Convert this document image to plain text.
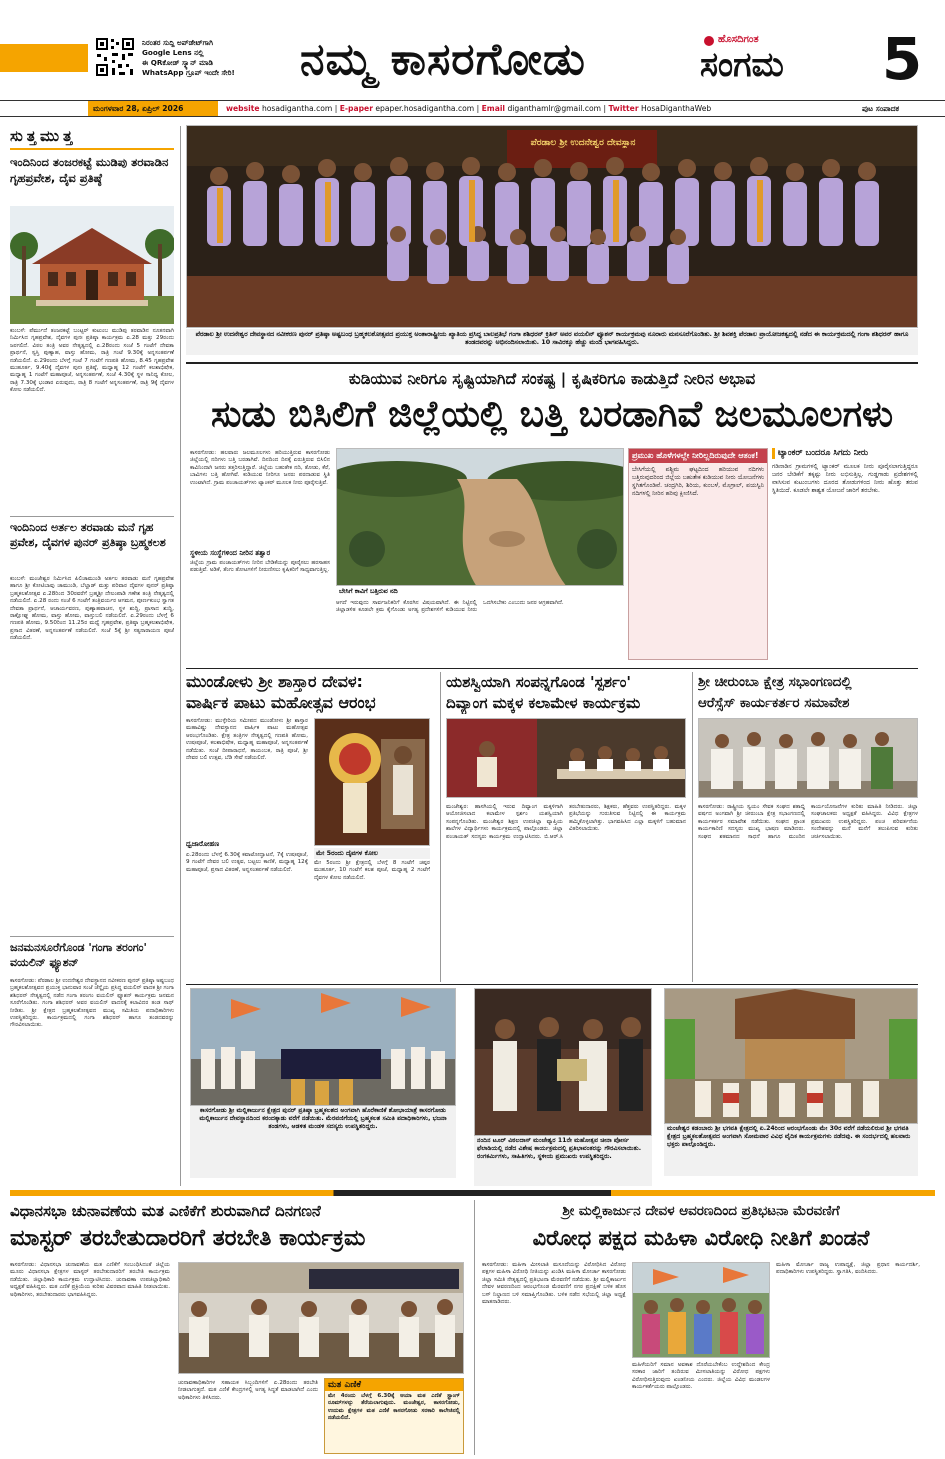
ನಿರಂತರ ಸುದ್ದಿ ಅಪ್‌ಡೇಟ್‌ಗಾಗಿ
Google Lens ನಲ್ಲಿ
ಈ QRಕೋಡ್ ಸ್ಕ್ಯಾನ್ ಮಾಡಿ
WhatsApp ಗ್ರೂಪ್ ಇಂದೇ ಸೇರಿ!	ನಮ್ಮ ಕಾಸರಗೋಡು	ಹೊಸದಿಗಂತ
ಸಂಗಮ 5
ಮಂಗಳವಾರ 28, ಏಪ್ರಿಲ್ 2026	website hosadigantha.com | E-paper epaper.hosadigantha.com | Email diganthamlr@gmail.com | Twitter HosaDiganthaWeb	ಪುಟ ಸಂಪಾದಕ
ಸುತ್ತಮುತ್ತ
ಇಂದಿನಿಂದ ತಂಜರಕಟ್ಟೆ ಮುಡಿಪು ತರವಾಡಿನ ಗೃಹಪ್ರವೇಶ, ದೈವ ಪ್ರತಿಷ್ಠೆ
ಕುಂಬಳೆ: ಪೆರ್ಮುದೆ ತಂಜರಕಟ್ಟೆ ಬಂಟ್ಟರ್ ಕುಟುಂಬ ಮುಡಿಪು ತರವಾಡಿನ ನೂತನವಾಗಿ ನಿರ್ಮಿಸಿದ ಗೃಹಪ್ರವೇಶ, ದೈವಗಳ ಪುನಃ ಪ್ರತಿಷ್ಠಾ ಕಾರ್ಯಕ್ರಮ ಏ.28 ಮತ್ತು 29ರಂದು ಜರಗಲಿದೆ. ವಿಠಲ ತಂತ್ರಿ ಅವರ ನೇತೃತ್ವದಲ್ಲಿ ಏ.28ರಂದು ಸಂಜೆ 5 ಗಂಟೆಗೆ ದೇವತಾ ಪ್ರಾರ್ಥನೆ, ಸ್ವಸ್ತಿ ಪುಣ್ಯಾಹ, ವಾಸ್ತು ಹೋಮ, ರಾತ್ರಿ ಗಂಟೆ 9.30ಕ್ಕೆ ಅನ್ನಸಂತರ್ಪಣೆ ನಡೆಯಲಿದೆ. ಏ.29ರಂದು ಬೆಳಗ್ಗೆ ಗಂಟೆ 7 ಗಂಟೆಗೆ ಗಣಪತಿ ಹೋಮ, 8.45 ಗೃಹಪ್ರವೇಶ ಮುಹೂರ್ತ, 9.40ಕ್ಕೆ ದೈವಗಳ ಪುನಃ ಪ್ರತಿಷ್ಠೆ, ಮಧ್ಯಾಹ್ನ 12 ಗಂಟೆಗೆ ಕಲಶಾಭಿಷೇಕ, ಮಧ್ಯಾಹ್ನ 1 ಗಂಟೆಗೆ ಮಹಾಪೂಜೆ, ಅನ್ನಸಂತರ್ಪಣೆ, ಸಂಜೆ 4.30ಕ್ಕೆ ಸ್ಥಳ ಸಾನಿಧ್ಯ ಕೋಲ, ರಾತ್ರಿ 7.30ಕ್ಕೆ ಭಂಡಾರ ಏರುವುದು, ರಾತ್ರಿ 8 ಗಂಟೆಗೆ ಅನ್ನಸಂತರ್ಪಣೆ, ರಾತ್ರಿ 9ಕ್ಕೆ ದೈವಗಳ ಕೋಲ ನಡೆಯಲಿದೆ.
ಇಂದಿನಿಂದ ಅರ್ತಲ ತರವಾಡು ಮನೆ ಗೃಹ ಪ್ರವೇಶ, ದೈವಗಳ ಪುನರ್ ಪ್ರತಿಷ್ಠಾ ಬ್ರಹ್ಮಕಲಶ
ಕುಂಬಳೆ: ಮಂಜೇಶ್ವರ ನಿರ್ಮಿಸಿದ ಪಿಲಿಚಾಮುಂಡಿ ಅರ್ತಲ ತರವಾಡು ಮನೆ ಗೃಹಪ್ರವೇಶ ಹಾಗೂ ಶ್ರೀ ಕೋಟಿಬಾವು ಚಾಮುಂಡಿ, ಬೆಲ್ಚಾಡ್ ಮತ್ತು ಪರಿವಾರ ದೈವಗಳ ಪುನರ್ ಪ್ರತಿಷ್ಠಾ ಬ್ರಹ್ಮಕಲಶೋತ್ಸವ ಏ.28ರಿಂದ 30ರವರೆಗೆ ಬ್ರಹ್ಮಶ್ರೀ ದೇಲಂಪಾಡಿ ಗಣೇಶ ತಂತ್ರಿ ನೇತೃತ್ವದಲ್ಲಿ ನಡೆಯಲಿದೆ. ಏ.28 ರಂದು ಸಂಜೆ 6 ಗಂಟೆಗೆ ತಂತ್ರಿವರ್ಯರ ಆಗಮನ, ಪೂರ್ಣಕುಂಭ ಸ್ವಾಗತ ದೇವತಾ ಪ್ರಾರ್ಥನೆ, ಆಚಾರ್ಯವರಣ, ಪುಣ್ಯಾಹವಾಚನ, ಸ್ಥಳ ಶುದ್ಧಿ, ಪ್ರಾಸಾದ ಶುದ್ಧಿ, ರಾಕ್ಷೋಘ್ನ ಹೋಮ, ವಾಸ್ತು ಹೋಮ, ವಾಸ್ತುಬಲಿ ನಡೆಯಲಿದೆ. ಏ.29ರಂದು ಬೆಳಗ್ಗೆ 6 ಗಣಪತಿ ಹೋಮ, 9.50ರಿಂದ 11.25ರ ಮಧ್ಯೆ ಗೃಹಪ್ರವೇಶ, ಪ್ರತಿಷ್ಠಾ ಬ್ರಹ್ಮಕಲಶಾಭಿಷೇಕ, ಪ್ರಸಾದ ವಿತರಣೆ, ಅನ್ನಸಂತರ್ಪಣೆ ನಡೆಯಲಿದೆ. ಸಂಜೆ 5ಕ್ಕೆ ಶ್ರೀ ಸತ್ಯನಾರಾಯಣ ಪೂಜೆ ನಡೆಯಲಿದೆ.
ಜನಮನಸೂರೆಗೊಂಡ 'ಗಂಗಾ ತರಂಗಂ' ವಯಲಿನ್ ಫ್ಯೂಶನ್
ಕಾಸರಗೋಡು: ಪೆರಡಾಲ ಶ್ರೀ ಉದನೇಶ್ವರ ದೇವಸ್ಥಾನದ ನವೀಕರಣ ಪುನರ್ ಪ್ರತಿಷ್ಠಾ ಅಷ್ಟಬಂಧ ಬ್ರಹ್ಮಕಲಶೋತ್ಸವದ ಪ್ರಯುಕ್ತ ಭಾನುವಾರ ಸಂಜೆ ಚೆನ್ನೈಯ ಪ್ರಸಿದ್ಧ ವಯಲಿನ್ ವಾದಕ ಶ್ರೀ ಗಂಗಾ ಶಶಿಧರನ್ ನೇತೃತ್ವದಲ್ಲಿ ನಡೆದ ಗಂಗಾ ತರಂಗಂ ವಯಲಿನ್ ಫ್ಯೂಶನ್ ಕಾರ್ಯಕ್ರಮ ಜನಮನ ಸೂರೆಗೊಂಡಿತು. ಗಂಗಾ ಶಶಿಧರನ್ ಅವರ ವಯಲಿನ್ ವಾದನಕ್ಕೆ ಕಲಾವಿದರ ತಂಡ ಸಾಥ್ ನೀಡಿತು. ಶ್ರೀ ಕ್ಷೇತ್ರದ ಬ್ರಹ್ಮಕಲಶೋತ್ಸವದ ಮುಖ್ಯ ಸಮಿತಿಯ ಪದಾಧಿಕಾರಿಗಳು ಉಪಸ್ಥಿತರಿದ್ದರು. ಕಾರ್ಯಕ್ರಮದಲ್ಲಿ ಗಂಗಾ ಶಶಿಧರನ್ ಹಾಗೂ ತಂಡದವರನ್ನು ಗೌರವಿಸಲಾಯಿತು.
ಪೆರಡಾಲ ಶ್ರೀ ಉದನೇಶ್ವರ ದೇವಸ್ಥಾನ
ಪೆರಡಾಲ ಶ್ರೀ ಉದನೇಶ್ವರ ದೇವಸ್ಥಾನದ ನವೀಕರಣ ಪುನರ್ ಪ್ರತಿಷ್ಠಾ ಅಷ್ಟಬಂಧ ಬ್ರಹ್ಮಕಲಶೋತ್ಸವದ ಪ್ರಯುಕ್ತ ಅಂತಾರಾಷ್ಟ್ರೀಯ ಖ್ಯಾತಿಯ ಪ್ರಸಿದ್ಧ ಬಾಲಪ್ರತಿಭೆ ಗಂಗಾ ಶಶಿಧರನ್ ಕ್ರಿತಿನ್ ಅವರ ವಯಲಿನ್ ಫ್ಯೂಶನ್ ಕಾರ್ಯಕ್ರಮವು ನೂರಾರು ಮನಸೂರೆಗೊಂಡಿತು. ಶ್ರೀ ಶಿವಶಕ್ತಿ ಪೆರಡಾಲ ಪ್ರಾಯೋಜಕತ್ವದಲ್ಲಿ ನಡೆದ ಈ ಕಾರ್ಯಕ್ರಮದಲ್ಲಿ ಗಂಗಾ ಶಶಿಧರನ್ ಹಾಗೂ ತಂಡದವರನ್ನು ಅಭಿನಂದಿಸಲಾಯಿತು. 10 ಸಾವಿರಕ್ಕೂ ಹೆಚ್ಚು ಮಂದಿ ಭಾಗವಹಿಸಿದ್ದರು.
ಕುಡಿಯುವ ನೀರಿಗೂ ಸೃಷ್ಟಿಯಾಗಿದೆ ಸಂಕಷ್ಟ | ಕೃಷಿಕರಿಗೂ ಕಾಡುತ್ತಿದೆ ನೀರಿನ ಅಭಾವ
ಸುಡು ಬಿಸಿಲಿಗೆ ಜಿಲ್ಲೆಯಲ್ಲಿ ಬತ್ತಿ ಬರಡಾಗಿವೆ ಜಲಮೂಲಗಳು
ಕಾಸರಗೋಡು: ಹಲವಾರು ಜಲಮೂಲಗಳು ಹರಿಯುತ್ತಿರುವ ಕಾಸರಗೋಡು ಜಿಲ್ಲೆಯಲ್ಲಿ ನದಿಗಳು ಬತ್ತಿ ಬರಡಾಗಿವೆ. ದಿನದಿಂದ ದಿನಕ್ಕೆ ಏರುತ್ತಿರುವ ಬಿಸಿಲಿನ ಕಾವಿನಿಂದಾಗಿ ಜನರು ತತ್ತರಿಸುತ್ತಿದ್ದಾರೆ. ಜಿಲ್ಲೆಯ ಬಹುತೇಕ ನದಿ, ತೋಡು, ಕೆರೆ, ಬಾವಿಗಳು ಬತ್ತಿ ಹೋಗಿವೆ. ಕುಡಿಯುವ ನೀರಿಗೂ ಜನರು ಪರದಾಡುವ ಸ್ಥಿತಿ ಉಂಟಾಗಿದೆ. ಗ್ರಾಮ ಪಂಚಾಯತ್‌ಗಳು ಟ್ಯಾಂಕರ್ ಮೂಲಕ ನೀರು ಪೂರೈಸುತ್ತಿವೆ.
ಸ್ಥಳೀಯ ಸಂಸ್ಥೆಗಳಿಂದ ನೀರಿನ ತತ್ವಾರ
ಜಿಲ್ಲೆಯ ಗ್ರಾಮ ಪಂಚಾಯತ್‌ಗಳು ನೀರಿನ ಬೇಡಿಕೆಯನ್ನು ಪೂರೈಸಲು ಹರಸಾಹಸ ಪಡುತ್ತಿವೆ. ಅಡಿಕೆ, ತೆಂಗು ತೋಟಗಳಿಗೆ ನೀರುಣಿಸಲು ಕೃಷಿಕರಿಗೆ ಸಾಧ್ಯವಾಗುತ್ತಿಲ್ಲ.
ಬೇಸಿಗೆ ಕಾವಿಗೆ ಬತ್ತಿರುವ ನದಿ
ಆಗದೆ ಇರುವುದು ಸಾರ್ವಜನಿಕರಿಗೆ ಕೊರಗಿನ ವಿಷಯವಾಗಿದೆ. ಈ ನಿಟ್ಟಿನಲ್ಲಿ ಜಿಲ್ಲಾಡಳಿತ ಕೂಡಲೇ ಕ್ರಮ ಕೈಗೊಂಡು ಅಗತ್ಯ ಪ್ರದೇಶಗಳಿಗೆ ಕುಡಿಯುವ ನೀರು ಒದಗಿಸಬೇಕು ಎಂಬುದು ಜನರ ಆಗ್ರಹವಾಗಿದೆ.
ಪ್ರಮುಖ ಹೊಳೆಗಳಲ್ಲೇ ನೀರಿಲ್ಲದಿರುವುದೇ ಆತಂಕ!
ಬೇಸಿಗೆಯಲ್ಲಿ ಪಶ್ಚಿಮ ಘಟ್ಟದಿಂದ ಹರಿಯುವ ನದಿಗಳು ಬತ್ತಿರುವುದರಿಂದ ಜಿಲ್ಲೆಯ ಬಹುತೇಕ ಕುಡಿಯುವ ನೀರು ಯೋಜನೆಗಳು ಸ್ಥಗಿತಗೊಂಡಿವೆ. ಚಂದ್ರಗಿರಿ, ಶಿರಿಯ, ಕುಂಬಳೆ, ಮೊಗ್ರಾಲ್, ಪಯಸ್ವಿನಿ ನದಿಗಳಲ್ಲಿ ನೀರಿನ ಹರಿವು ಕ್ಷೀಣಿಸಿದೆ.
ಟ್ಯಾಂಕರ್ ಬಂದರೂ ಸಿಗದು ನೀರು
ಗಡಿನಾಡಿನ ಗ್ರಾಮಗಳಲ್ಲಿ ಟ್ಯಾಂಕರ್ ಮೂಲಕ ನೀರು ಪೂರೈಸಲಾಗುತ್ತಿದ್ದರೂ ಜನರ ಬೇಡಿಕೆಗೆ ತಕ್ಕಷ್ಟು ನೀರು ಲಭಿಸುತ್ತಿಲ್ಲ. ಗುಡ್ಡಗಾಡು ಪ್ರದೇಶಗಳಲ್ಲಿ ವಾಸಿಸುವ ಕುಟುಂಬಗಳು ದೂರದ ತೋಡುಗಳಿಂದ ನೀರು ಹೊತ್ತು ತರುವ ಸ್ಥಿತಿಯಿದೆ. ಕೂಡಲೇ ಶಾಶ್ವತ ಯೋಜನೆ ಜಾರಿಗೆ ತರಬೇಕು.
ಮುಂಡೋಳು ಶ್ರೀ ಶಾಸ್ತಾರ ದೇವಳ:
ವಾರ್ಷಿಕ ಪಾಟು ಮಹೋತ್ಸವ ಆರಂಭ
ಕಾಸರಗೋಡು: ಮುಳ್ಳೇರಿಯ ಸಮೀಪದ ಮುಂಡೋಳು ಶ್ರೀ ಶಾಸ್ತಾರ ಮಹಾವಿಷ್ಣು ದೇವಸ್ಥಾನದ ವಾರ್ಷಿಕ ಪಾಟು ಮಹೋತ್ಸವ ಆರಂಭಗೊಂಡಿತು. ಕ್ಷೇತ್ರ ತಂತ್ರಿಗಳ ನೇತೃತ್ವದಲ್ಲಿ ಗಣಪತಿ ಹೋಮ, ಉಷಃಪೂಜೆ, ಕಲಶಾಭಿಷೇಕ, ಮಧ್ಯಾಹ್ನ ಮಹಾಪೂಜೆ, ಅನ್ನಸಂತರ್ಪಣೆ ನಡೆಯಿತು. ಸಂಜೆ ದೀಪಾರಾಧನೆ, ತಾಯಂಬಕ, ರಾತ್ರಿ ಪೂಜೆ, ಶ್ರೀ ದೇವರ ಬಲಿ ಉತ್ಸವ, ಬೆಡಿ ಸೇವೆ ನಡೆಯಲಿದೆ.
ಏ.28ರಂದು ಬೆಳಗ್ಗೆ 6.30ಕ್ಕೆ ಕವಾಟೋದ್ಘಾಟನೆ, 7ಕ್ಕೆ ಉಷಃಪೂಜೆ, 9 ಗಂಟೆಗೆ ದೇವರ ಬಲಿ ಉತ್ಸವ, ಬಟ್ಟಲು ಕಾಣಿಕೆ, ಮಧ್ಯಾಹ್ನ 12ಕ್ಕೆ ಮಹಾಪೂಜೆ, ಪ್ರಸಾದ ವಿತರಣೆ, ಅನ್ನಸಂತರ್ಪಣೆ ನಡೆಯಲಿದೆ.
ಧ್ವಜಾರೋಹಣ
ಮೇ 5ರಂದು ದೈವಗಳ ಕೋಲ
ಮೇ 5ರಂದು ಶ್ರೀ ಕ್ಷೇತ್ರದಲ್ಲಿ ಬೆಳಗ್ಗೆ 8 ಗಂಟೆಗೆ ಚಪ್ಪರ ಮುಹೂರ್ತ, 10 ಗಂಟೆಗೆ ಕಲಶ ಪೂಜೆ, ಮಧ್ಯಾಹ್ನ 2 ಗಂಟೆಗೆ ದೈವಗಳ ಕೋಲ ನಡೆಯಲಿದೆ.
ಯಶಸ್ವಿಯಾಗಿ ಸಂಪನ್ನಗೊಂಡ 'ಸ್ಪರ್ಶಂ'
ದಿವ್ಯಾಂಗ ಮಕ್ಕಳ ಕಲಾಮೇಳ ಕಾರ್ಯಕ್ರಮ
ಮಂಜೇಶ್ವರ: ಹಾಸಗಿಯಲ್ಲಿ ಇರುವ ದಿವ್ಯಾಂಗ ಮಕ್ಕಳಿಗಾಗಿ ಆಯೋಜಿಸಲಾದ ಕಲಾಮೇಳ ಸ್ಪರ್ಶಂ ಯಶಸ್ವಿಯಾಗಿ ಸಂಪನ್ನಗೊಂಡಿತು. ಮಂಜೇಶ್ವರ ಶಿಕ್ಷಣ ಉಪಜಿಲ್ಲಾ ವ್ಯಾಪ್ತಿಯ ಶಾಲೆಗಳ ವಿದ್ಯಾರ್ಥಿಗಳು ಕಾರ್ಯಕ್ರಮದಲ್ಲಿ ಪಾಲ್ಗೊಂಡರು. ಜಿಲ್ಲಾ ಪಂಚಾಯತ್ ಸದಸ್ಯರು ಕಾರ್ಯಕ್ರಮ ಉದ್ಘಾಟಿಸಿದರು. ಬಿ.ಆರ್.ಸಿ ತರಬೇತುದಾರರು, ಶಿಕ್ಷಕರು, ಹೆತ್ತವರು ಉಪಸ್ಥಿತರಿದ್ದರು. ಮಕ್ಕಳ ಪ್ರತಿಭೆಯನ್ನು ಗುರುತಿಸುವ ನಿಟ್ಟಿನಲ್ಲಿ ಈ ಕಾರ್ಯಕ್ರಮ ಹಮ್ಮಿಕೊಳ್ಳಲಾಗಿತ್ತು. ಭಾಗವಹಿಸಿದ ಎಲ್ಲಾ ಮಕ್ಕಳಿಗೆ ಬಹುಮಾನ ವಿತರಿಸಲಾಯಿತು.
ಶ್ರೀ ಚೀರುಂಬಾ ಕ್ಷೇತ್ರ ಸಭಾಂಗಣದಲ್ಲಿ
ಆರೆಸ್ಸೆಸ್ ಕಾರ್ಯಕರ್ತರ ಸಮಾವೇಶ
ಕಾಸರಗೋಡು: ರಾಷ್ಟ್ರೀಯ ಸ್ವಯಂ ಸೇವಕ ಸಂಘದ ಶತಾಬ್ದಿ ವರ್ಷದ ಅಂಗವಾಗಿ ಶ್ರೀ ಚೀರುಂಬಾ ಕ್ಷೇತ್ರ ಸಭಾಂಗಣದಲ್ಲಿ ಕಾರ್ಯಕರ್ತರ ಸಮಾವೇಶ ನಡೆಯಿತು. ಸಂಘದ ಪ್ರಾಂತ ಕಾರ್ಯಕಾರಿಣಿ ಸದಸ್ಯರು ಮುಖ್ಯ ಭಾಷಣ ಮಾಡಿದರು. ಸಂಘದ ಶತಮಾನದ ಸಾಧನೆ ಹಾಗೂ ಮುಂದಿನ ಕಾರ್ಯಯೋಜನೆಗಳ ಕುರಿತು ಮಾಹಿತಿ ನೀಡಿದರು. ಜಿಲ್ಲಾ ಸಂಘಚಾಲಕರು ಅಧ್ಯಕ್ಷತೆ ವಹಿಸಿದ್ದರು. ವಿವಿಧ ಕ್ಷೇತ್ರಗಳ ಪ್ರಮುಖರು ಉಪಸ್ಥಿತರಿದ್ದರು. ಪಂಚ ಪರಿವರ್ತನೆಯ ಸಂದೇಶವನ್ನು ಮನೆ ಮನೆಗೆ ತಲುಪಿಸುವ ಕುರಿತು ಚರ್ಚಿಸಲಾಯಿತು.
ಕಾಸರಗೋಡು ಶ್ರೀ ಮಲ್ಲಿಕಾರ್ಜುನ ಕ್ಷೇತ್ರದ ಪುನರ್ ಪ್ರತಿಷ್ಠಾ ಬ್ರಹ್ಮಕಲಶದ ಅಂಗವಾಗಿ ಹೊರೆಕಾಣಿಕೆ ಶೋಭಾಯಾತ್ರೆ ಕಾಸರಗೋಡು ಮಲ್ಲಿಕಾರ್ಜುನ ದೇವಸ್ಥಾನದಿಂದ ಕರಂದಕ್ಕಾಡು ವರೆಗೆ ನಡೆಯಿತು. ಮೆರವಣಿಗೆಯಲ್ಲಿ ಬ್ರಹ್ಮಕಲಶ ಸಮಿತಿ ಪದಾಧಿಕಾರಿಗಳು, ಭಜನಾ ತಂಡಗಳು, ಆಡಳಿತ ಮಂಡಳಿ ಸದಸ್ಯರು ಉಪಸ್ಥಿತರಿದ್ದರು.
ನಂದಿನ ಟೂರ್ ವಿಠಲದಾಸ್ ಮಂಜೇಶ್ವರ 11ನೇ ಮಹೋತ್ಸವ ಚೀನಾ ಪೋರ್ಸ ಫೆಲಾಡಿಯಲ್ಲಿ ನಡೆದ ವಿಶೇಷ ಕಾರ್ಯಕ್ರಮದಲ್ಲಿ ಪ್ರತಿಭಾವಂತರನ್ನು ಗೌರವಿಸಲಾಯಿತು. ರಂಗಕರ್ಮಿಗಳು, ಸಾಹಿತಿಗಳು, ಸ್ಥಳೀಯ ಪ್ರಮುಖರು ಉಪಸ್ಥಿತರಿದ್ದರು.
ಮಂಜೇಶ್ವರ ಕಡಂಬಾರು ಶ್ರೀ ಭಗವತಿ ಕ್ಷೇತ್ರದಲ್ಲಿ ಏ.24ರಿಂದ ಆರಂಭಗೊಂಡು ಮೇ 30ರ ವರೆಗೆ ನಡೆಯಲಿರುವ ಶ್ರೀ ಭಗವತಿ ಕ್ಷೇತ್ರದ ಬ್ರಹ್ಮಕಲಶೋತ್ಸವದ ಅಂಗವಾಗಿ ಸೋಮವಾರ ವಿವಿಧ ವೈದಿಕ ಕಾರ್ಯಕ್ರಮಗಳು ನಡೆದವು. ಈ ಸಂದರ್ಭದಲ್ಲಿ ಹಲವಾರು ಭಕ್ತರು ಪಾಲ್ಗೊಂಡಿದ್ದರು.
ವಿಧಾನಸಭಾ ಚುನಾವಣೆಯ ಮತ ಎಣಿಕೆಗೆ ಶುರುವಾಗಿದೆ ದಿನಗಣನೆ
ಮಾಸ್ಟರ್ ತರಬೇತುದಾರರಿಗೆ ತರಬೇತಿ ಕಾರ್ಯಕ್ರಮ
ಕಾಸರಗೋಡು: ವಿಧಾನಸಭಾ ಚುನಾವಣೆಯ ಮತ ಎಣಿಕೆಗೆ ಸಂಬಂಧಿಸಿದಂತೆ ಜಿಲ್ಲೆಯ ಮೂರು ವಿಧಾನಸಭಾ ಕ್ಷೇತ್ರಗಳ ಮಾಸ್ಟರ್ ತರಬೇತುದಾರರಿಗೆ ತರಬೇತಿ ಕಾರ್ಯಕ್ರಮ ನಡೆಯಿತು. ಜಿಲ್ಲಾಧಿಕಾರಿ ಕಾರ್ಯಕ್ರಮ ಉದ್ಘಾಟಿಸಿದರು. ಚುನಾವಣಾ ಉಪಜಿಲ್ಲಾಧಿಕಾರಿ ಅಧ್ಯಕ್ಷತೆ ವಹಿಸಿದ್ದರು. ಮತ ಎಣಿಕೆ ಪ್ರಕ್ರಿಯೆಯ ಕುರಿತು ವಿವರವಾದ ಮಾಹಿತಿ ನೀಡಲಾಯಿತು. ಅಧಿಕಾರಿಗಳು, ತರಬೇತುದಾರರು ಭಾಗವಹಿಸಿದ್ದರು.
ಚುನಾವಣಾಧಿಕಾರಿಗಳ ಸಹಾಯಕ ಸಿಬ್ಬಂದಿಗಳಿಗೆ ಏ.28ರಂದು ತರಬೇತಿ ನೀಡಲಾಗುತ್ತದೆ. ಮತ ಎಣಿಕೆ ಕೇಂದ್ರಗಳಲ್ಲಿ ಅಗತ್ಯ ಸಿದ್ಧತೆ ಮಾಡಲಾಗಿದೆ ಎಂದು ಅಧಿಕಾರಿಗಳು ತಿಳಿಸಿದರು.
ಮತ ಎಣಿಕೆ
ಮೇ 4ರಂದು ಬೆಳಗ್ಗೆ 6.30ಕ್ಕೆ ಆಯಾ ಮತ ಎಣಿಕೆ ಸ್ಟ್ರಾಂಗ್ ರೂಮ್‌ಗಳನ್ನು ತೆರೆಯಲಾಗುವುದು. ಮಂಜೇಶ್ವರ, ಕಾಸರಗೋಡು, ಉದುಮ ಕ್ಷೇತ್ರಗಳ ಮತ ಎಣಿಕೆ ಕಾಸರಗೋಡು ಸರಕಾರಿ ಕಾಲೇಜಿನಲ್ಲಿ ನಡೆಯಲಿದೆ.
ಶ್ರೀ ಮಲ್ಲಿಕಾರ್ಜುನ ದೇವಳ ಆವರಣದಿಂದ ಪ್ರತಿಭಟನಾ ಮೆರವಣಿಗೆ
ವಿರೋಧ ಪಕ್ಷದ ಮಹಿಳಾ ವಿರೋಧಿ ನೀತಿಗೆ ಖಂಡನೆ
ಕಾಸರಗೋಡು: ಮಹಿಳಾ ಮೀಸಲಾತಿ ಮಸೂದೆಯನ್ನು ವಿರೋಧಿಸಿದ ವಿರೋಧ ಪಕ್ಷಗಳ ಮಹಿಳಾ ವಿರೋಧಿ ನೀತಿಯನ್ನು ಖಂಡಿಸಿ ಮಹಿಳಾ ಮೋರ್ಚಾ ಕಾಸರಗೋಡು ಜಿಲ್ಲಾ ಸಮಿತಿ ನೇತೃತ್ವದಲ್ಲಿ ಪ್ರತಿಭಟನಾ ಮೆರವಣಿಗೆ ನಡೆಯಿತು. ಶ್ರೀ ಮಲ್ಲಿಕಾರ್ಜುನ ದೇವಳ ಆವರಣದಿಂದ ಆರಂಭಗೊಂಡ ಮೆರವಣಿಗೆ ನಗರ ಪ್ರದಕ್ಷಿಣೆ ಬಳಿಕ ಹೊಸ ಬಸ್ ನಿಲ್ದಾಣದ ಬಳಿ ಸಮಾಪ್ತಿಗೊಂಡಿತು. ಬಳಿಕ ನಡೆದ ಸಭೆಯಲ್ಲಿ ಜಿಲ್ಲಾ ಅಧ್ಯಕ್ಷೆ ಮಾತನಾಡಿದರು.
ಮಹಿಳೆಯರಿಗೆ ಸಮಾನ ಅವಕಾಶ ದೊರೆಯಬೇಕೆಂಬ ಉದ್ದೇಶದಿಂದ ಕೇಂದ್ರ ಸರಕಾರ ಜಾರಿಗೆ ತಂದಿರುವ ಮೀಸಲಾತಿಯನ್ನು ವಿರೋಧ ಪಕ್ಷಗಳು ವಿರೋಧಿಸುತ್ತಿರುವುದು ಖಂಡನೀಯ ಎಂದರು. ಜಿಲ್ಲೆಯ ವಿವಿಧ ಮಂಡಲಗಳ ಕಾರ್ಯಕರ್ತೆಯರು ಪಾಲ್ಗೊಂಡರು.
ಮಹಿಳಾ ಮೋರ್ಚಾ ರಾಜ್ಯ ಉಪಾಧ್ಯಕ್ಷೆ, ಜಿಲ್ಲಾ ಪ್ರಧಾನ ಕಾರ್ಯದರ್ಶಿ, ಪದಾಧಿಕಾರಿಗಳು ಉಪಸ್ಥಿತರಿದ್ದರು. ಸ್ವಾಗತಿಸಿ, ವಂದಿಸಿದರು.
